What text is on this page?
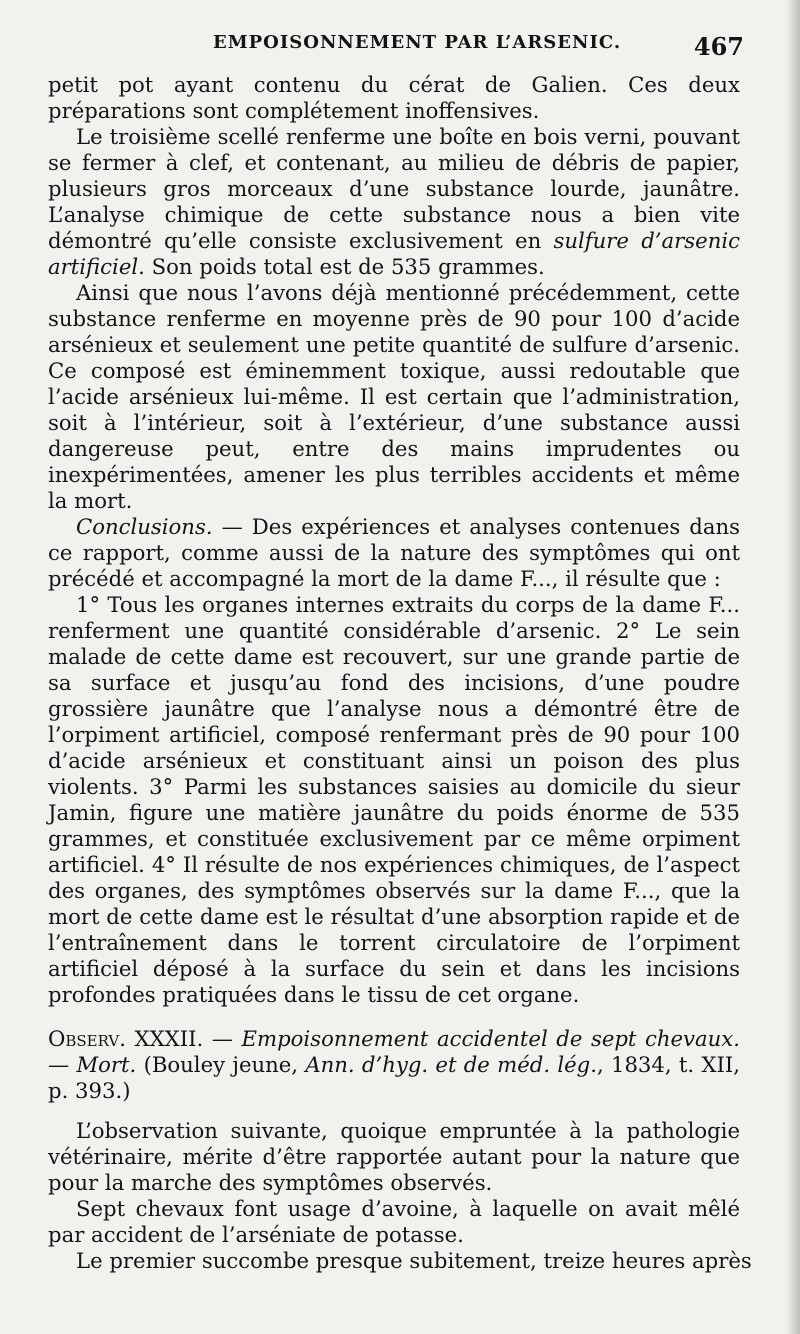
EMPOISONNEMENT PAR L’ARSENIC.	467

petit pot ayant contenu du cérat de Galien. Ces deux préparations sont complétement inoffensives.

Le troisième scellé renferme une boîte en bois verni, pouvant se fermer à clef, et contenant, au milieu de débris de papier, plusieurs gros morceaux d’une substance lourde, jaunâtre. L’analyse chimique de cette substance nous a bien vite démontré qu’elle consiste exclusivement en sulfure d’arsenic artificiel. Son poids total est de 535 grammes.

Ainsi que nous l’avons déjà mentionné précédemment, cette substance renferme en moyenne près de 90 pour 100 d’acide arsénieux et seulement une petite quantité de sulfure d’arsenic. Ce composé est éminemment toxique, aussi redoutable que l’acide arsénieux lui-même. Il est certain que l’administration, soit à l’intérieur, soit à l’extérieur, d’une substance aussi dangereuse peut, entre des mains imprudentes ou inexpérimentées, amener les plus terribles accidents et même la mort.

Conclusions. — Des expériences et analyses contenues dans ce rapport, comme aussi de la nature des symptômes qui ont précédé et accompagné la mort de la dame F..., il résulte que :

1° Tous les organes internes extraits du corps de la dame F... renferment une quantité considérable d’arsenic. 2° Le sein malade de cette dame est recouvert, sur une grande partie de sa surface et jusqu’au fond des incisions, d’une poudre grossière jaunâtre que l’analyse nous a démontré être de l’orpiment artificiel, composé renfermant près de 90 pour 100 d’acide arsénieux et constituant ainsi un poison des plus violents. 3° Parmi les substances saisies au domicile du sieur Jamin, figure une matière jaunâtre du poids énorme de 535 grammes, et constituée exclusivement par ce même orpiment artificiel. 4° Il résulte de nos expériences chimiques, de l’aspect des organes, des symptômes observés sur la dame F..., que la mort de cette dame est le résultat d’une absorption rapide et de l’entraînement dans le torrent circulatoire de l’orpiment artificiel déposé à la surface du sein et dans les incisions profondes pratiquées dans le tissu de cet organe.

Observ. XXXII. — Empoisonnement accidentel de sept chevaux. — Mort. (Bouley jeune, Ann. d’hyg. et de méd. lég., 1834, t. XII, p. 393.)

L’observation suivante, quoique empruntée à la pathologie vétérinaire, mérite d’être rapportée autant pour la nature que pour la marche des symptômes observés.

Sept chevaux font usage d’avoine, à laquelle on avait mêlé par accident de l’arséniate de potasse.

Le premier succombe presque subitement, treize heures après
